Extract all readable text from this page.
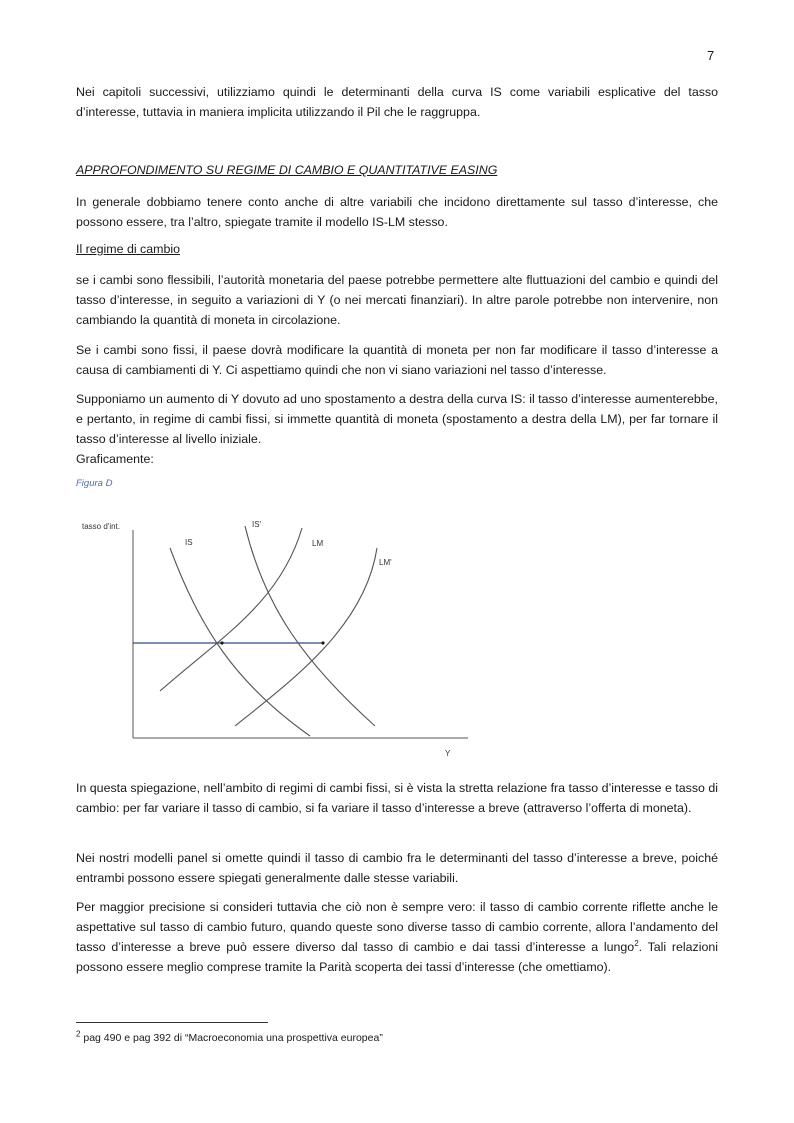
7

Nei capitoli successivi, utilizziamo quindi le determinanti della curva IS come variabili esplicative del tasso d’interesse, tuttavia in maniera implicita utilizzando il Pil che le raggruppa.

APPROFONDIMENTO SU REGIME DI CAMBIO E QUANTITATIVE EASING

In generale dobbiamo tenere conto anche di altre variabili che incidono direttamente sul tasso d’interesse, che possono essere, tra l’altro, spiegate tramite il modello IS-LM stesso.

Il regime di cambio

se i cambi sono flessibili, l’autorità monetaria del paese potrebbe permettere alte fluttuazioni del cambio e quindi del tasso d’interesse, in seguito a variazioni di Y (o nei mercati finanziari). In altre parole potrebbe non intervenire, non cambiando la quantità di moneta in circolazione.

Se i cambi sono fissi, il paese dovrà modificare la quantità di moneta per non far modificare il tasso d’interesse a causa di cambiamenti di Y. Ci aspettiamo quindi che non vi siano variazioni nel tasso d’interesse.

Supponiamo un aumento di Y dovuto ad uno spostamento a destra della curva IS: il tasso d’interesse aumenterebbe, e pertanto, in regime di cambi fissi, si immette quantità di moneta (spostamento a destra della LM), per far tornare il tasso d’interesse al livello iniziale.

Graficamente:

Figura D
tasso d'int.
Y
IS
IS'
LM
LM'

In questa spiegazione, nell’ambito di regimi di cambi fissi, si è vista la stretta relazione fra tasso d’interesse e tasso di cambio: per far variare il tasso di cambio, si fa variare il tasso d’interesse a breve (attraverso l’offerta di moneta).

Nei nostri modelli panel si omette quindi il tasso di cambio fra le determinanti del tasso d’interesse a breve, poiché entrambi possono essere spiegati generalmente dalle stesse variabili.

Per maggior precisione si consideri tuttavia che ciò non è sempre vero: il tasso di cambio corrente riflette anche le aspettative sul tasso di cambio futuro, quando queste sono diverse tasso di cambio corrente, allora l’andamento del tasso d’interesse a breve può essere diverso dal tasso di cambio e dai tassi d’interesse a lungo$^2$. Tali relazioni possono essere meglio comprese tramite la Parità scoperta dei tassi d’interesse (che omettiamo).

$^2$ pag 490 e pag 392 di “Macroeconomia una prospettiva europea”
